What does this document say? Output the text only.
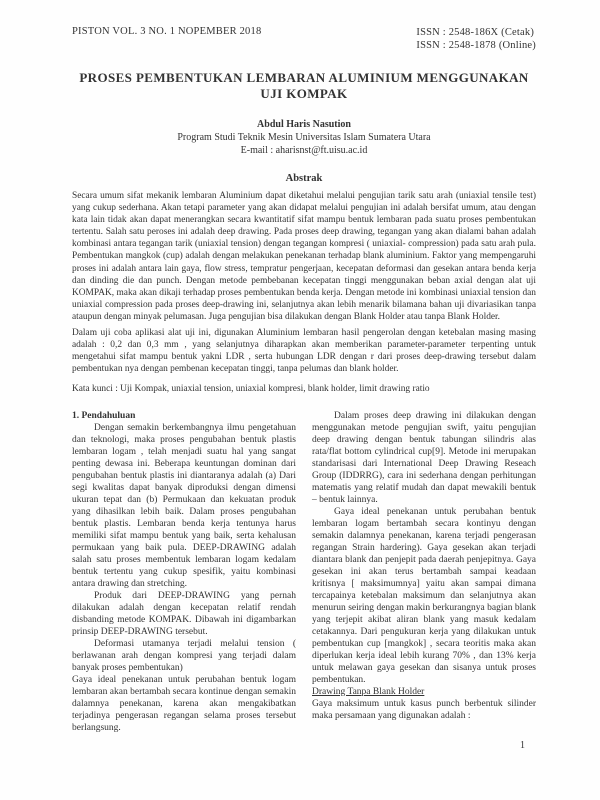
PISTON VOL. 3 NO. 1 NOPEMBER 2018	ISSN : 2548-186X (Cetak)
ISSN : 2548-1878 (Online)
PROSES PEMBENTUKAN LEMBARAN ALUMINIUM MENGGUNAKAN UJI KOMPAK
Abdul Haris Nasution
Program Studi Teknik Mesin Universitas Islam Sumatera Utara
E-mail : aharisnst@ft.uisu.ac.id
Abstrak

Secara umum sifat mekanik lembaran Aluminium dapat diketahui melalui pengujian tarik satu arah (uniaxial tensile test) yang cukup sederhana. Akan tetapi parameter yang akan didapat melalui pengujian ini adalah bersifat umum, atau dengan kata lain tidak akan dapat menerangkan secara kwantitatif sifat mampu bentuk lembaran pada suatu proses pembentukan tertentu. Salah satu peroses ini adalah deep drawing. Pada proses deep drawing, tegangan yang akan dialami bahan adalah kombinasi antara tegangan tarik (uniaxial tension) dengan tegangan kompresi ( uniaxial- compression) pada satu arah pula. Pembentukan mangkok (cup) adalah dengan melakukan penekanan terhadap blank aluminium. Faktor yang mempengaruhi proses ini adalah antara lain gaya, flow stress, tempratur pengerjaan, kecepatan deformasi dan gesekan antara benda kerja dan dinding die dan punch. Dengan metode pembebanan kecepatan tinggi menggunakan beban axial dengan alat uji KOMPAK, maka akan dikaji terhadap proses pembentukan benda kerja. Dengan metode ini kombinasi uniaxial tension dan uniaxial compression pada proses deep-drawing ini, selanjutnya akan lebih menarik bilamana bahan uji divariasikan tanpa ataupun dengan minyak pelumasan. Juga pengujian bisa dilakukan dengan Blank Holder atau tanpa Blank Holder.

Dalam uji coba aplikasi alat uji ini, digunakan Aluminium lembaran hasil pengerolan dengan ketebalan masing masing adalah : 0,2 dan 0,3 mm , yang selanjutnya diharapkan akan memberikan parameter-parameter terpenting untuk mengetahui sifat mampu bentuk yakni LDR , serta hubungan LDR dengan r dari proses deep-drawing tersebut dalam pembentukan nya dengan pembenan kecepatan tinggi, tanpa pelumas dan blank holder.

Kata kunci : Uji Kompak, uniaxial tension, uniaxial kompresi, blank holder, limit drawing ratio

1. Pendahuluan

Dengan semakin berkembangnya ilmu pengetahuan dan teknologi, maka proses pengubahan bentuk plastis lembaran logam , telah menjadi suatu hal yang sangat penting dewasa ini. Beberapa keuntungan dominan dari pengubahan bentuk plastis ini diantaranya adalah (a) Dari segi kwalitas dapat banyak diproduksi dengan dimensi ukuran tepat dan (b) Permukaan dan kekuatan produk yang dihasilkan lebih baik. Dalam proses pengubahan bentuk plastis. Lembaran benda kerja tentunya harus memiliki sifat mampu bentuk yang baik, serta kehalusan permukaan yang baik pula. DEEP-DRAWING adalah salah satu proses membentuk lembaran logam kedalam bentuk tertentu yang cukup spesifik, yaitu kombinasi antara drawing dan stretching.

Produk dari DEEP-DRAWING yang pernah dilakukan adalah dengan kecepatan relatif rendah disbanding metode KOMPAK. Dibawah ini digambarkan prinsip DEEP-DRAWING tersebut.

Deformasi utamanya terjadi melalui tension ( berlawanan arah dengan kompresi yang terjadi dalam banyak proses pembentukan)

Gaya ideal penekanan untuk perubahan bentuk logam lembaran akan bertambah secara kontinue dengan semakin dalamnya penekanan, karena akan mengakibatkan terjadinya pengerasan regangan selama proses tersebut berlangsung.

Dalam proses deep drawing ini dilakukan dengan menggunakan metode pengujian swift, yaitu pengujian deep drawing dengan bentuk tabungan silindris alas rata/flat bottom cylindrical cup[9]. Metode ini merupakan standarisasi dari International Deep Drawing Reseach Group (IDDRRG), cara ini sederhana dengan perhitungan matematis yang relatif mudah dan dapat mewakili bentuk – bentuk lainnya.

Gaya ideal penekanan untuk perubahan bentuk lembaran logam bertambah secara kontinyu dengan semakin dalamnya penekanan, karena terjadi pengerasan regangan Strain hardering). Gaya gesekan akan terjadi diantara blank dan penjepit pada daerah penjepitnya. Gaya gesekan ini akan terus bertambah sampai keadaan kritisnya [ maksimumnya] yaitu akan sampai dimana tercapainya ketebalan maksimum dan selanjutnya akan menurun seiring dengan makin berkurangnya bagian blank yang terjepit akibat aliran blank yang masuk kedalam cetakannya. Dari pengukuran kerja yang dilakukan untuk pembentukan cup [mangkok] , secara teoritis maka akan diperlukan kerja ideal lebih kurang 70% , dan 13% kerja untuk melawan gaya gesekan dan sisanya untuk proses pembentukan.

Drawing Tanpa Blank Holder

Gaya maksimum untuk kasus punch berbentuk silinder maka persamaan yang digunakan adalah :

1
